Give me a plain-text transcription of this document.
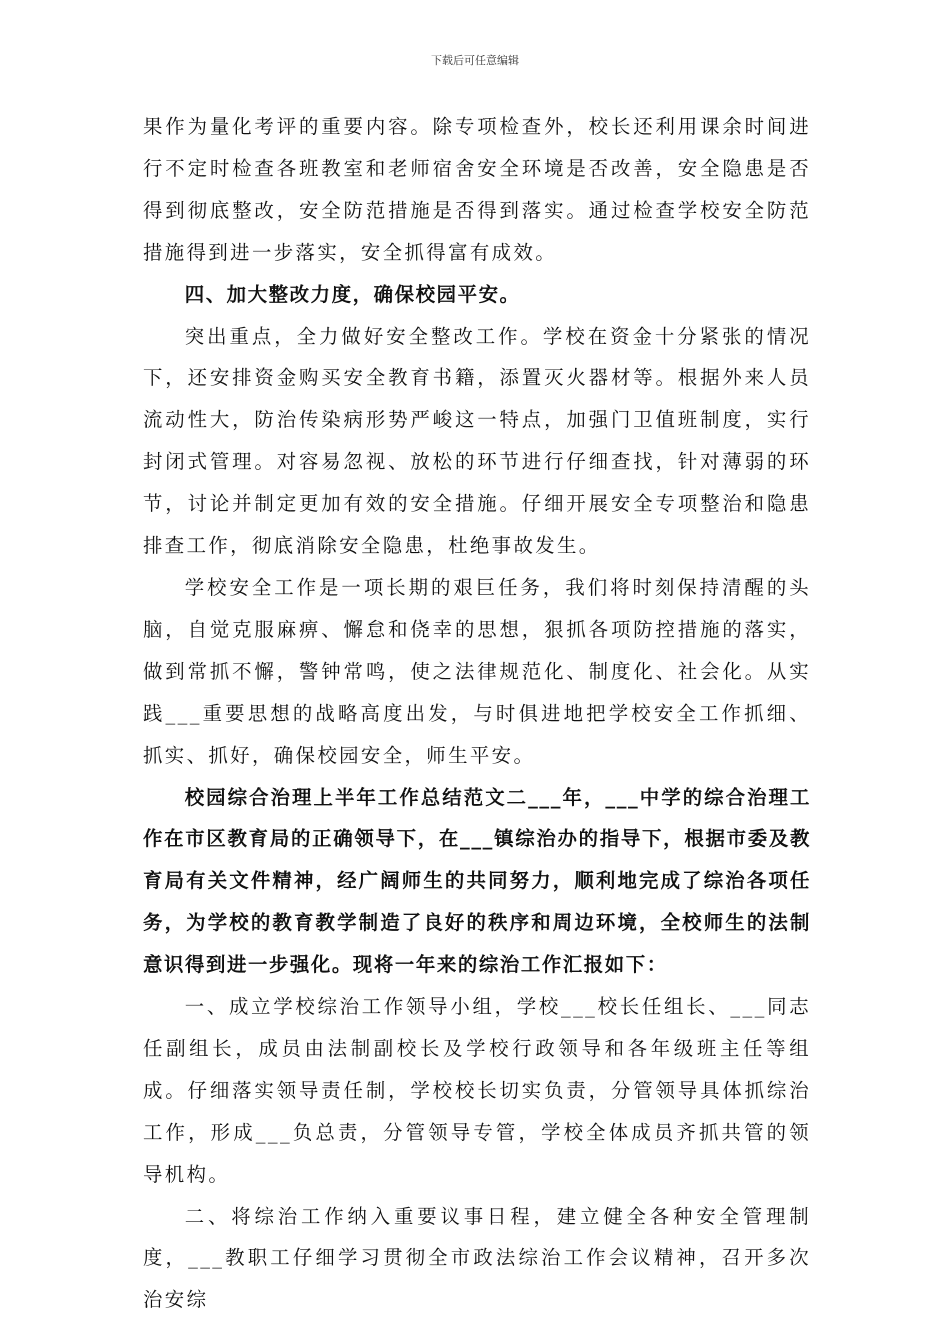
下载后可任意编辑

果作为量化考评的重要内容。除专项检查外，校长还利用课余时间进行不定时检查各班教室和老师宿舍安全环境是否改善，安全隐患是否得到彻底整改，安全防范措施是否得到落实。通过检查学校安全防范措施得到进一步落实，安全抓得富有成效。

四、加大整改力度，确保校园平安。

突出重点，全力做好安全整改工作。学校在资金十分紧张的情况下，还安排资金购买安全教育书籍，添置灭火器材等。根据外来人员流动性大，防治传染病形势严峻这一特点，加强门卫值班制度，实行封闭式管理。对容易忽视、放松的环节进行仔细查找，针对薄弱的环节，讨论并制定更加有效的安全措施。仔细开展安全专项整治和隐患排查工作，彻底消除安全隐患，杜绝事故发生。

学校安全工作是一项长期的艰巨任务，我们将时刻保持清醒的头脑，自觉克服麻痹、懈怠和侥幸的思想，狠抓各项防控措施的落实，做到常抓不懈，警钟常鸣，使之法律规范化、制度化、社会化。从实践___重要思想的战略高度出发，与时俱进地把学校安全工作抓细、抓实、抓好，确保校园安全，师生平安。

校园综合治理上半年工作总结范文二___年，___中学的综合治理工作在市区教育局的正确领导下，在___镇综治办的指导下，根据市委及教育局有关文件精神，经广阔师生的共同努力，顺利地完成了综治各项任务，为学校的教育教学制造了良好的秩序和周边环境，全校师生的法制意识得到进一步强化。现将一年来的综治工作汇报如下：

一、成立学校综治工作领导小组，学校___校长任组长、___同志任副组长，成员由法制副校长及学校行政领导和各年级班主任等组成。仔细落实领导责任制，学校校长切实负责，分管领导具体抓综治工作，形成___负总责，分管领导专管，学校全体成员齐抓共管的领导机构。

二、将综治工作纳入重要议事日程，建立健全各种安全管理制度，___教职工仔细学习贯彻全市政法综治工作会议精神，召开多次治安综
